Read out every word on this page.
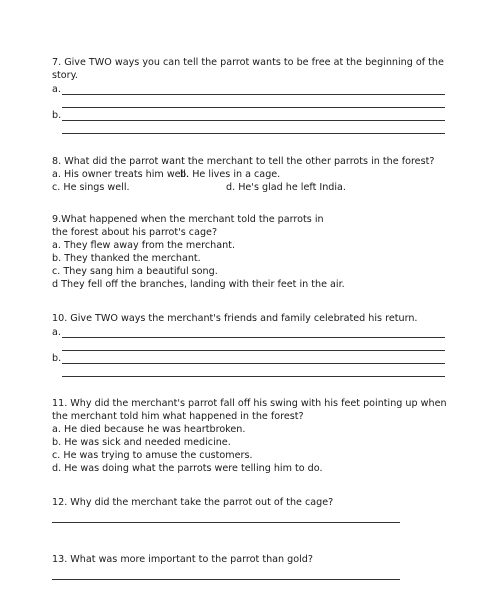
7. Give TWO ways you can tell the parrot wants to be free at the beginning of the
story.
a.
b.
8. What did the parrot want the merchant to tell the other parrots in the forest?
a. His owner treats him well.
b. He lives in a cage.
c. He sings well.	d. He's glad he left India.
9.What happened when the merchant told the parrots in
the forest about his parrot's cage?
a. They flew away from the merchant.
b. They thanked the merchant.
c. They sang him a beautiful song.
d They fell off the branches, landing with their feet in the air.
10. Give TWO ways the merchant's friends and family celebrated his return.
a.
b.
11. Why did the merchant's parrot fall off his swing with his feet pointing up when
the merchant told him what happened in the forest?
a. He died because he was heartbroken.
b. He was sick and needed medicine.
c. He was trying to amuse the customers.
d. He was doing what the parrots were telling him to do.
12. Why did the merchant take the parrot out of the cage?
13. What was more important to the parrot than gold?
